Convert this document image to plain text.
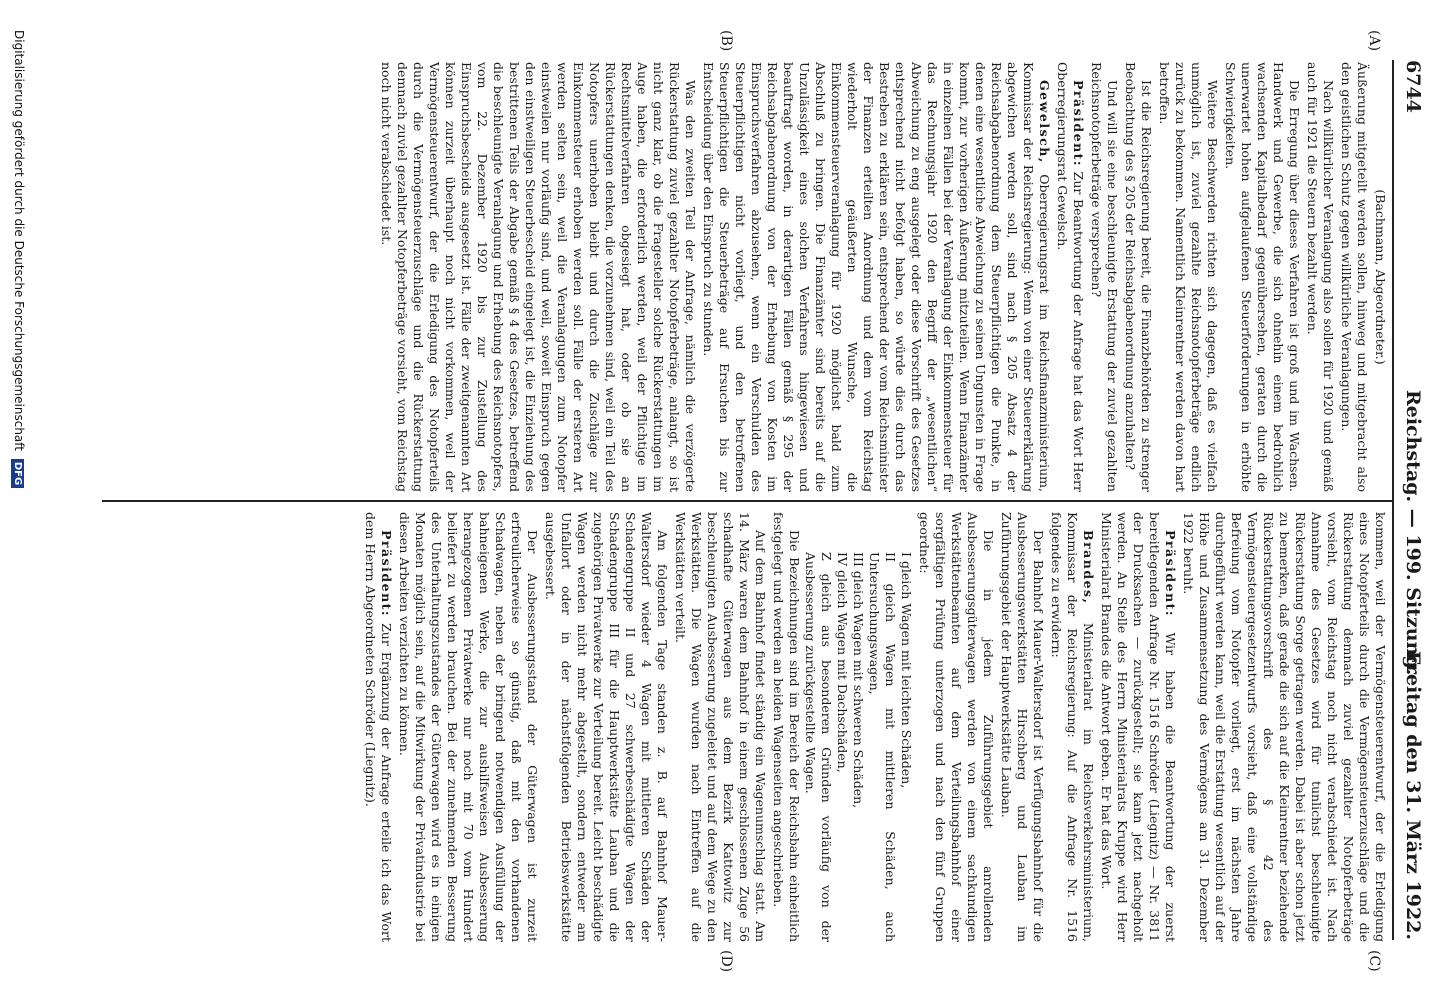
6744
Reichstag. — 199. Sitzung.
Freitag den 31. März 1922.
(A)
(B)
(C)
(D)

(Bachmann, Abgeordneter.)

Äußerung mitgeteilt werden sollen, hinweg und mitgebracht also den geistlichen Schutz gegen willkürliche Veranlagungen.

Nach willkürlicher Veranlagung also sollen für 1920 und gemäß auch für 1921 die Steuern bezahlt werden.

Die Erregung über dieses Verfahren ist groß und im Wachsen. Handwerk und Gewerbe, die sich ohnehin einem bedrohlich wachsenden Kapitalbedarf gegenübersehen, geraten durch die unerwartet hohen aufgelaufenen Steuerforderungen in erhöhte Schwierigkeiten.

Weitere Beschwerden richten sich dagegen, daß es vielfach unmöglich ist, zuviel gezahlte Reichsnotopferbeträge endlich zurück zu bekommen. Namentlich Kleinrentner werden davon hart betroffen.

Ist die Reichsregierung bereit, die Finanzbehörden zu strenger Beobachtung des § 205 der Reichsabgabenordnung anzuhalten?

Und will sie eine beschleunigte Erstattung der zuviel gezahlten Reichsnotopferbeträge versprechen?

Präsident: Zur Beantwortung der Anfrage hat das Wort Herr Oberregierungsrat Gewelsch.

Gewelsch, Oberregierungsrat im Reichsfinanzministerium, Kommissar der Reichsregierung: Wenn von einer Steuererklärung abgewichen werden soll, sind nach § 205 Absatz 4 der Reichsabgabenordnung dem Steuerpflichtigen die Punkte, in denen eine wesentliche Abweichung zu seinen Ungunsten in Frage kommt, zur vorherigen Äußerung mitzuteilen. Wenn Finanzämter in einzelnen Fällen bei der Veranlagung der Einkommensteuer für das Rechnungsjahr 1920 den Begriff der „wesentlichen“ Abweichung zu eng ausgelegt oder diese Vorschrift des Gesetzes entsprechend nicht befolgt haben, so würde dies durch das Bestreben zu erklären sein, entsprechend der vom Reichsminister der Finanzen erteilten Anordnung und dem vom Reichstag wiederholt geäußerten Wunsche, die Einkommensteuerveranlagung für 1920 möglichst bald zum Abschluß zu bringen. Die Finanzämter sind bereits auf die Unzulässigkeit eines solchen Verfahrens hingewiesen und beauftragt worden, in derartigen Fällen gemäß § 295 der Reichsabgabenordnung von der Erhebung von Kosten im Einspruchsverfahren abzusehen, wenn ein Verschulden des Steuerpflichtigen nicht vorliegt, und den betroffenen Steuerpflichtigen die Steuerbeträge auf Ersuchen bis zur Entscheidung über den Einspruch zu stunden.

Was den zweiten Teil der Anfrage, nämlich die verzögerte Rückerstattung zuviel gezahlter Notopferbeträge, anlangt, so ist nicht ganz klar, ob die Fragesteller solche Rückerstattungen im Auge haben, die erforderlich werden, weil der Pflichtige im Rechtsmittelverfahren obgesiegt hat, oder ob sie an Rückerstattungen denken, die vorzunehmen sind, weil ein Teil des Notopfers unerhoben bleibt und durch die Zuschläge zur Einkommensteuer erhoben werden soll. Fälle der ersteren Art werden selten sein, weil die Veranlagungen zum Notopfer einstweilen nur vorläufig sind, und weil, soweit Einspruch gegen den einstweiligen Steuerbescheid eingelegt ist, die Einziehung des bestrittenen Teils der Abgabe gemäß § 4 des Gesetzes, betreffend die beschleunigte Veranlagung und Erhebung des Reichsnotopfers, vom 22. Dezember 1920 bis zur Zustellung des Einspruchsbescheids ausgesetzt ist. Fälle der zweitgenannten Art können zurzeit überhaupt noch nicht vorkommen, weil der Vermögensteuerentwurf, der die Erledigung des Notopferteils durch die Vermögensteuerzuschläge und die Rückerstattung demnach zuviel gezahlter Notopferbeträge vorsieht, vom Reichstag noch nicht verabschiedet ist.

kommen, weil der Vermögensteuerentwurf, der die Erledigung eines Notopferteils durch die Vermögensteuerzuschläge und die Rückerstattung demnach zuviel gezahlter Notopferbeträge vorsieht, vom Reichstag noch nicht verabschiedet ist. Nach Annahme des Gesetzes wird für tunlichst beschleunigte Rückerstattung Sorge getragen werden. Dabei ist aber schon jetzt zu bemerken, daß gerade die sich auf die Kleinrentner beziehende Rückerstattungsvorschrift des § 42 des Vermögensteuergesetzentwurfs vorsieht, daß eine vollständige Befreiung vom Notopfer vorliegt, erst im nächsten Jahre durchgeführt werden kann, weil die Erstattung wesentlich auf der Höhe und Zusammensetzung des Vermögens am 31. Dezember 1922 beruht.

Präsident: Wir haben die Beantwortung der zuerst bereitlegenden Anfrage Nr. 1516 Schröder (Liegnitz) — Nr. 3811 der Drucksachen — zurückgestellt; sie kann jetzt nachgeholt werden. An Stelle des Herrn Ministerialrats Kruppe wird Herr Ministerialrat Brandes die Antwort geben. Er hat das Wort.

Brandes, Ministerialrat im Reichsverkehrsministerium, Kommissar der Reichsregierung: Auf die Anfrage Nr. 1516 folgendes zu erwidern:

Der Bahnhof Mauer-Waltersdorf ist Verfügungsbahnhof für die Ausbesserungswerkstätten Hirschberg und Lauban im Zuführungsgebiet der Hauptwerkstätte Lauban.

Die in jedem Zuführungsgebiet anrollenden Ausbesserungsgüterwagen werden von einem sachkundigen Werkstättenbeamten auf dem Verteilungsbahnhof einer sorgfältigen Prüfung unterzogen und nach den fünf Gruppen geordnet:

I gleich Wagen mit leichten Schäden,

II gleich Wagen mit mittleren Schäden, auch Untersuchungswagen,

III gleich Wagen mit schweren Schäden,

IV gleich Wagen mit Dachschäden,

Z gleich aus besonderen Gründen vorläufig von der Ausbesserung zurückgestellte Wagen.

Die Bezeichnungen sind im Bereich der Reichsbahn einheitlich festgelegt und werden an beiden Wagenseiten angeschrieben.

Auf dem Bahnhof findet ständig ein Wagenumschlag statt. Am 14. März waren dem Bahnhof in einem geschlossenen Zuge 56 schadhafte Güterwagen aus dem Bezirk Kattowitz zur beschleunigten Ausbesserung zugeleitet und auf dem Wege zu den Werkstätten. Die Wagen wurden nach Eintreffen auf die Werkstätten verteilt.

Am folgenden Tage standen z. B. auf Bahnhof Mauer-Waltersdorf wieder 4 Wagen mit mittleren Schäden der Schadengruppe II und 27 schwerbeschädigte Wagen der Schadengruppe III für die Hauptwerkstätte Lauban und die zugehörigen Privatwerke zur Verteilung bereit. Leicht beschädigte Wagen werden nicht mehr abgestellt, sondern entweder am Unfallort oder in der nächstfolgenden Betriebswerkstätte ausgebessert.

Der Ausbesserungsstand der Güterwagen ist zurzeit erfreulicherweise so günstig, daß mit den vorhandenen Schadwagen, neben der bringend notwendigen Ausfüllung der bahneigenen Werke, die zur aushilfsweisen Ausbesserung herangezogenen Privatwerke nur noch mit 70 vom Hundert beliefert zu werden brauchen. Bei der zunehmenden Besserung des Unterhaltungszustandes der Güterwagen wird es in einigen Monaten möglich sein, auf die Mitwirkung der Privatindustrie bei diesen Arbeiten verzichten zu können.

Präsident: Zur Ergänzung der Anfrage erteile ich das Wort dem Herrn Abgeordneten Schröder (Liegnitz).

Digitalisierung gefördert durch die Deutsche Forschungsgemeinschaft DFG
